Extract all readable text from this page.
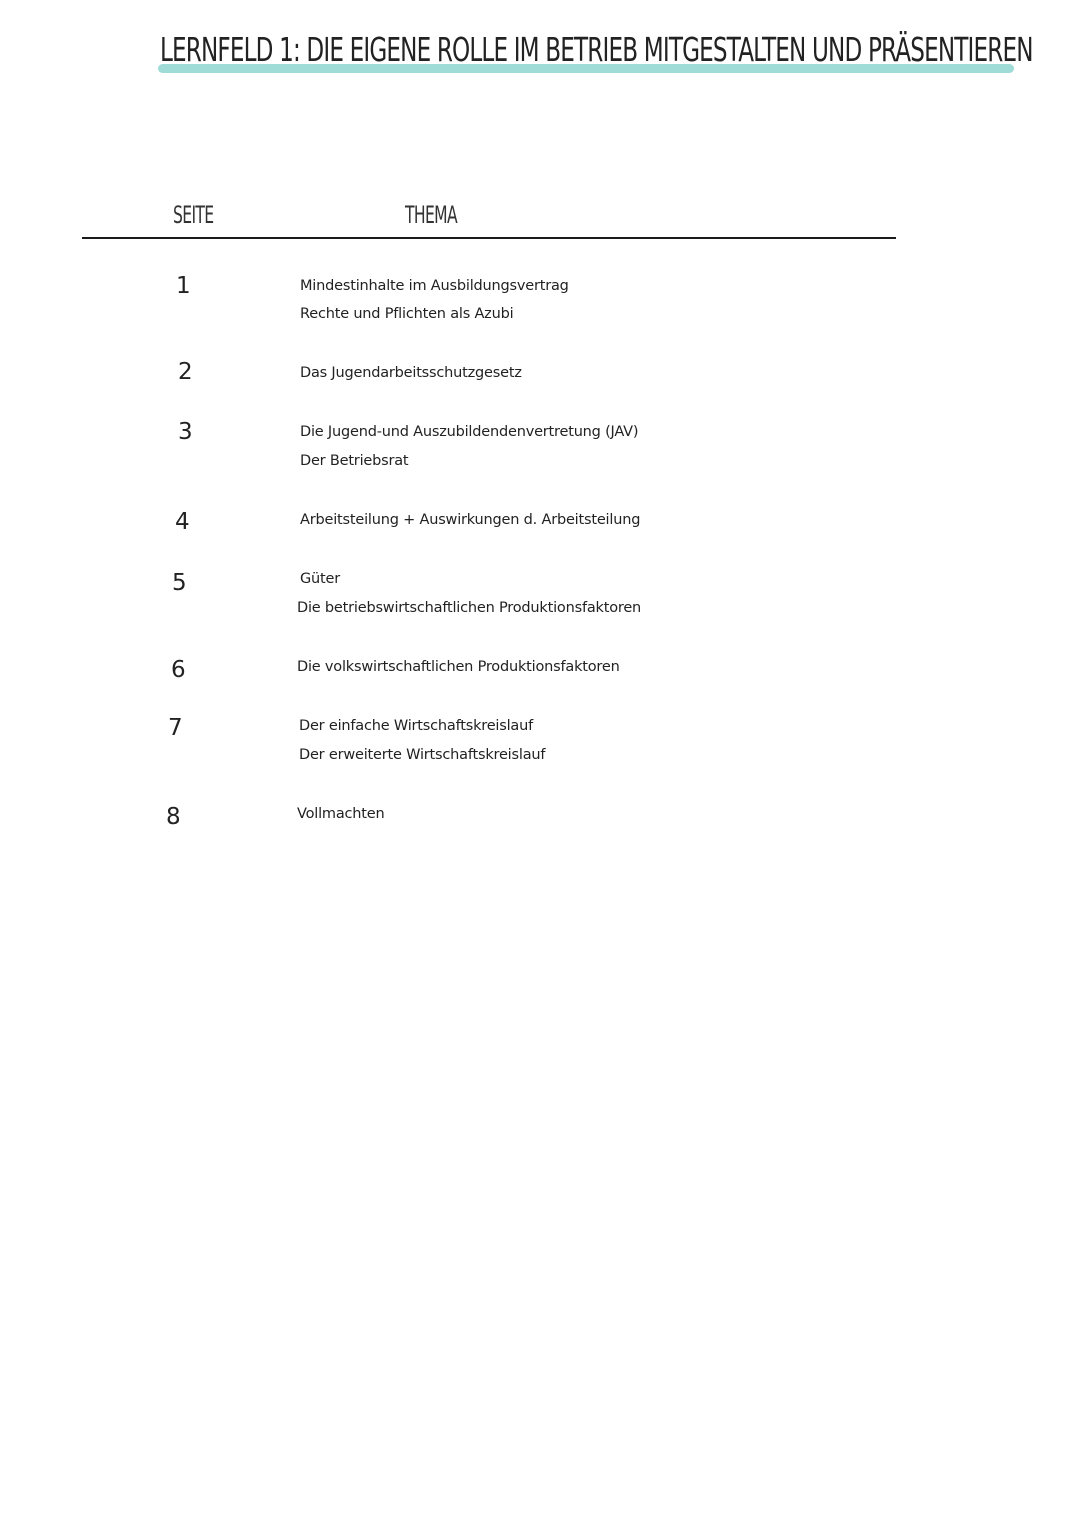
LERNFELD 1: DIE EIGENE ROLLE IM BETRIEB MITGESTALTEN UND PRÄSENTIEREN
SEITE	THEMA
1	Mindestinhalte im Ausbildungsvertrag
Rechte und Pflichten als Azubi
2	Das Jugendarbeitsschutzgesetz
3	Die Jugend-und Auszubildendenvertretung (JAV)
Der Betriebsrat
4	Arbeitsteilung + Auswirkungen d. Arbeitsteilung
5	Güter
Die betriebswirtschaftlichen Produktionsfaktoren
6	Die volkswirtschaftlichen Produktionsfaktoren
7	Der einfache Wirtschaftskreislauf
Der erweiterte Wirtschaftskreislauf
8	Vollmachten
